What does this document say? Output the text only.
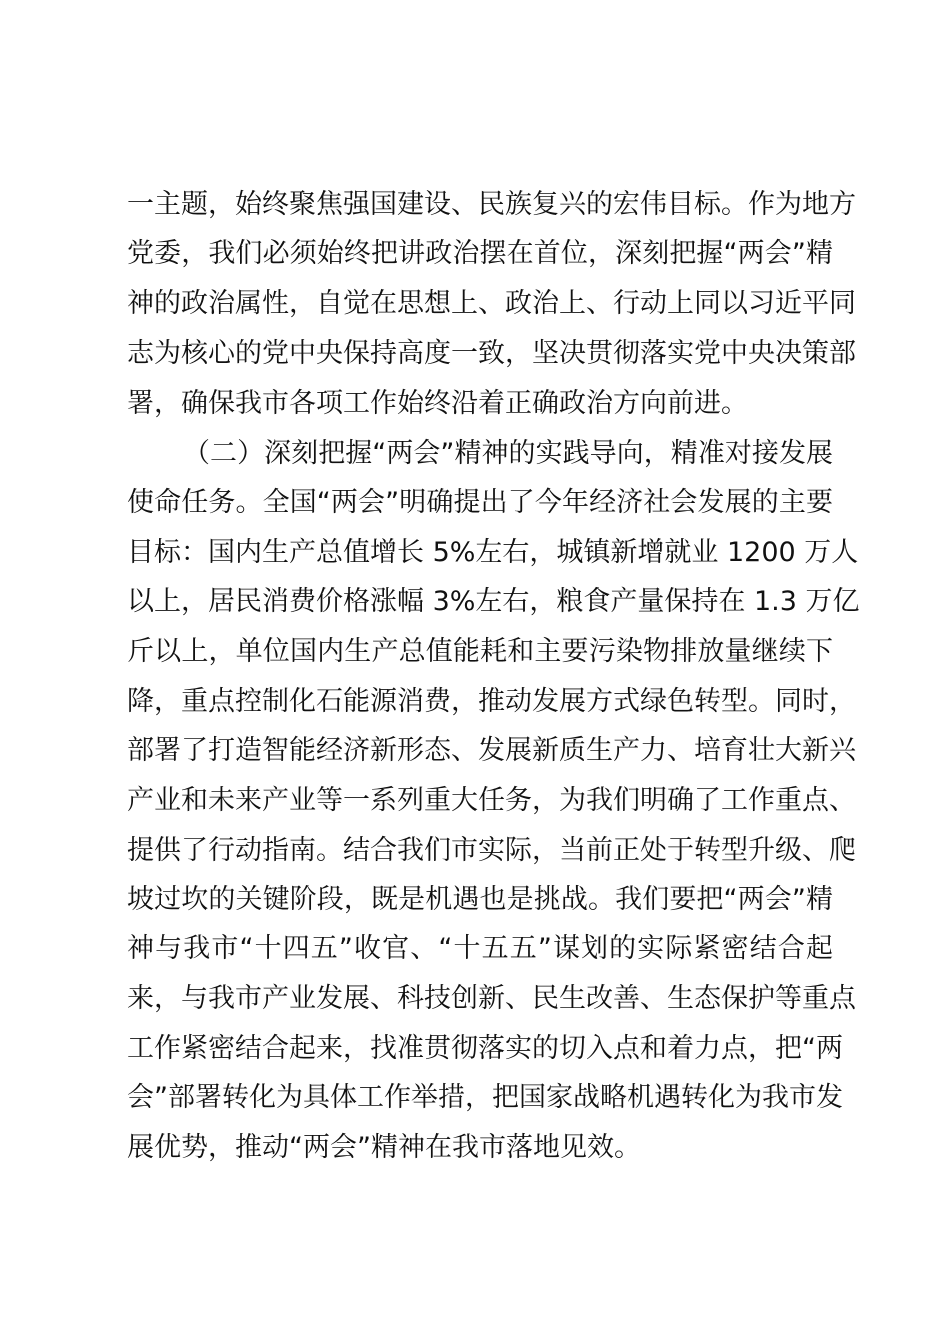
一主题，始终聚焦强国建设、民族复兴的宏伟目标。作为地方
党委，我们必须始终把讲政治摆在首位，深刻把握“两会”精
神的政治属性，自觉在思想上、政治上、行动上同以习近平同
志为核心的党中央保持高度一致，坚决贯彻落实党中央决策部
署，确保我市各项工作始终沿着正确政治方向前进。
（二）深刻把握“两会”精神的实践导向，精准对接发展
使命任务。全国“两会”明确提出了今年经济社会发展的主要
目标：国内生产总值增长 5%左右，城镇新增就业 1200 万人
以上，居民消费价格涨幅 3%左右，粮食产量保持在 1.3 万亿
斤以上，单位国内生产总值能耗和主要污染物排放量继续下
降，重点控制化石能源消费，推动发展方式绿色转型。同时，
部署了打造智能经济新形态、发展新质生产力、培育壮大新兴
产业和未来产业等一系列重大任务，为我们明确了工作重点、
提供了行动指南。结合我们市实际，当前正处于转型升级、爬
坡过坎的关键阶段，既是机遇也是挑战。我们要把“两会”精
神与我市“十四五”收官、“十五五”谋划的实际紧密结合起
来，与我市产业发展、科技创新、民生改善、生态保护等重点
工作紧密结合起来，找准贯彻落实的切入点和着力点，把“两
会”部署转化为具体工作举措，把国家战略机遇转化为我市发
展优势，推动“两会”精神在我市落地见效。
